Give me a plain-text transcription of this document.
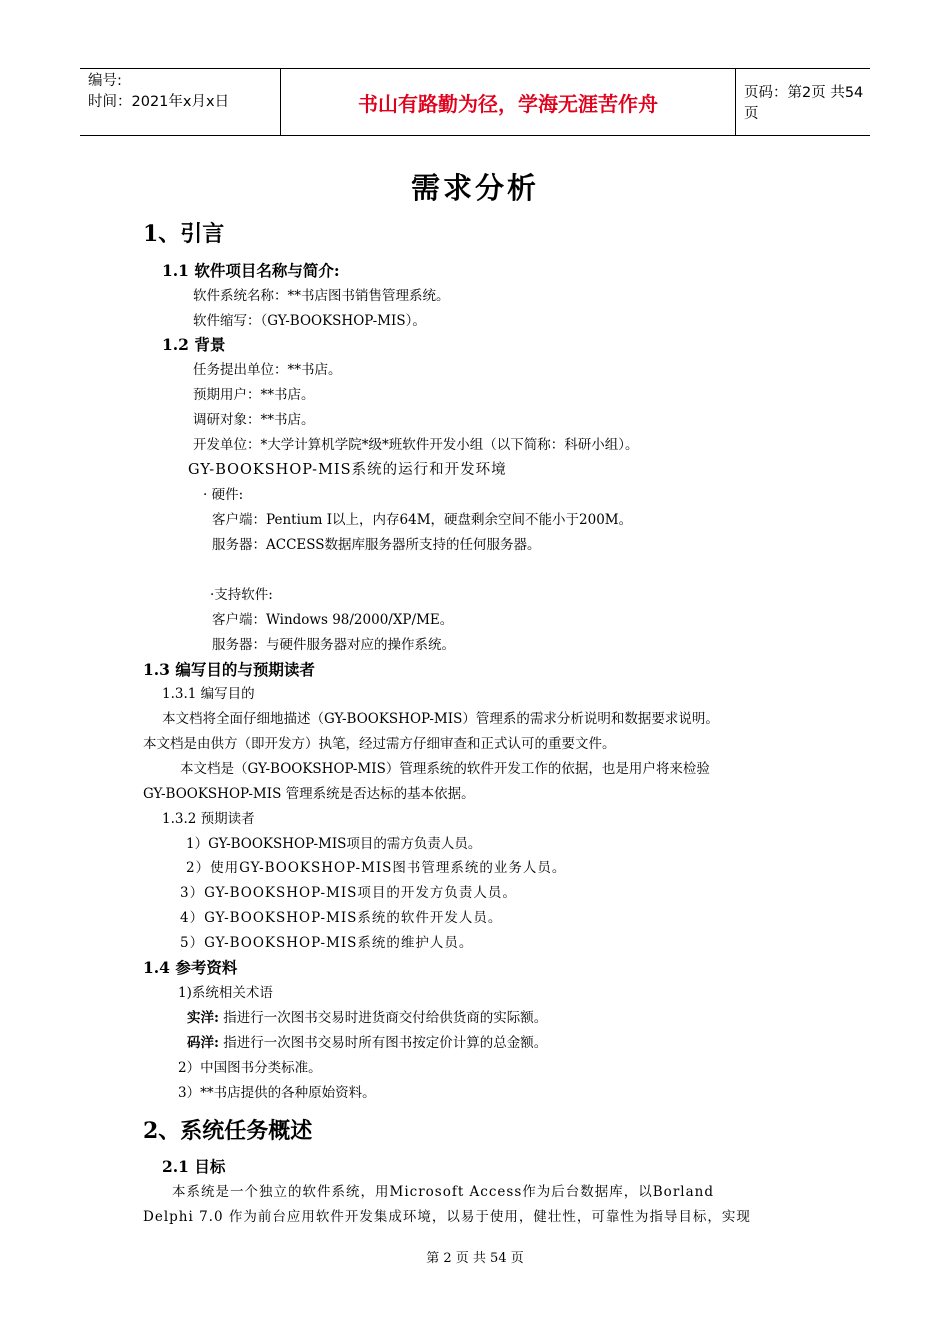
编号:
时间：2021年x月x日	书山有路勤为径，学海无涯苦作舟	页码：第2页 共54页
需求分析
1、引言
1.1 软件项目名称与简介:
软件系统名称：**书店图书销售管理系统。
软件缩写：（GY-BOOKSHOP-MIS）。
1.2 背景
任务提出单位：**书店。
预期用户：**书店。
调研对象：**书店。
开发单位：*大学计算机学院*级*班软件开发小组（以下简称：科研小组）。
GY-BOOKSHOP-MIS系统的运行和开发环境
· 硬件:
客户端：Pentium Ⅰ以上，内存64M，硬盘剩余空间不能小于200M。
服务器：ACCESS数据库服务器所支持的任何服务器。
·支持软件:
客户端：Windows 98/2000/XP/ME。
服务器：与硬件服务器对应的操作系统。
1.3 编写目的与预期读者
1.3.1 编写目的
本文档将全面仔细地描述（GY-BOOKSHOP-MIS）管理系的需求分析说明和数据要求说明。
本文档是由供方（即开发方）执笔，经过需方仔细审查和正式认可的重要文件。
本文档是（GY-BOOKSHOP-MIS）管理系统的软件开发工作的依据，也是用户将来检验
GY-BOOKSHOP-MIS 管理系统是否达标的基本依据。
1.3.2 预期读者
1）GY-BOOKSHOP-MIS项目的需方负责人员。
2）使用GY-BOOKSHOP-MIS图书管理系统的业务人员。
3）GY-BOOKSHOP-MIS项目的开发方负责人员。
4）GY-BOOKSHOP-MIS系统的软件开发人员。
5）GY-BOOKSHOP-MIS系统的维护人员。
1.4 参考资料
1)系统相关术语
实洋: 指进行一次图书交易时进货商交付给供货商的实际额。
码洋: 指进行一次图书交易时所有图书按定价计算的总金额。
2）中国图书分类标准。
3）**书店提供的各种原始资料。
2、系统任务概述
2.1 目标
本系统是一个独立的软件系统，用Microsoft Access作为后台数据库，以Borland
Delphi 7.0 作为前台应用软件开发集成环境，以易于使用，健壮性，可靠性为指导目标，实现
第 2 页 共 54 页
